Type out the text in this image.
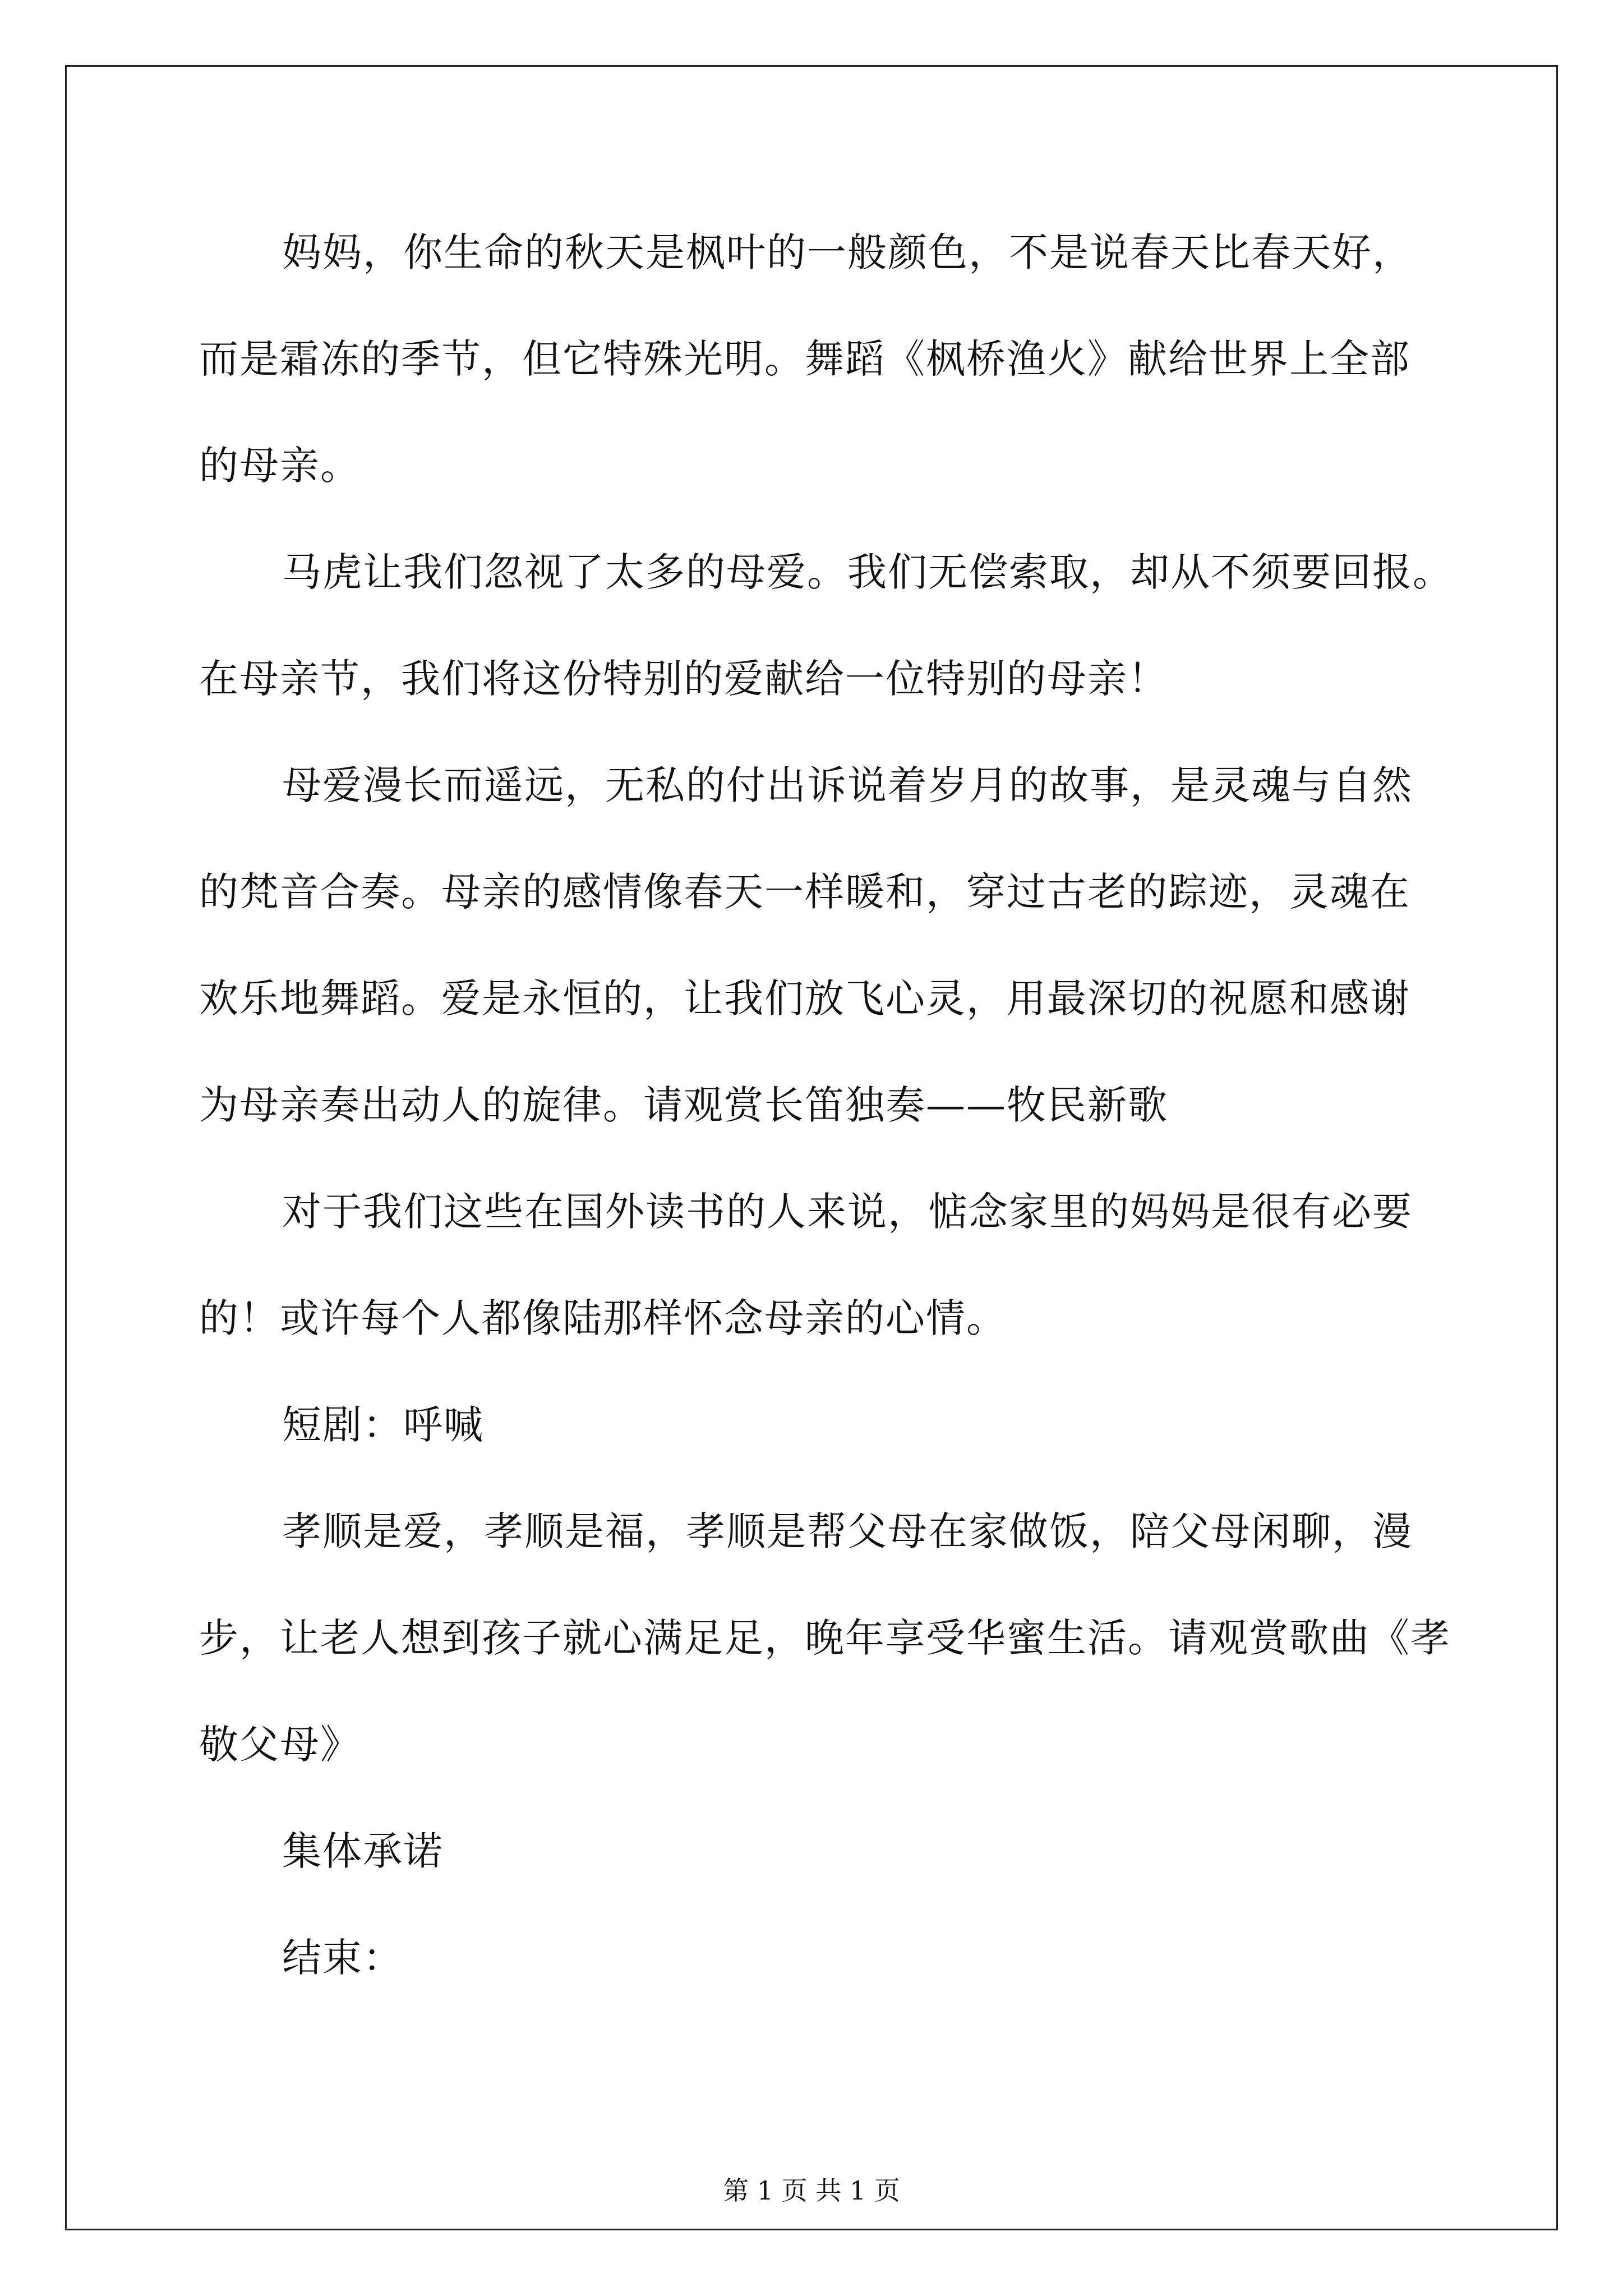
妈妈，你生命的秋天是枫叶的一般颜色，不是说春天比春天好，
而是霜冻的季节，但它特殊光明。舞蹈《枫桥渔火》献给世界上全部
的母亲。
马虎让我们忽视了太多的母爱。我们无偿索取，却从不须要回报。
在母亲节，我们将这份特别的爱献给一位特别的母亲！
母爱漫长而遥远，无私的付出诉说着岁月的故事，是灵魂与自然
的梵音合奏。母亲的感情像春天一样暖和，穿过古老的踪迹，灵魂在
欢乐地舞蹈。爱是永恒的，让我们放飞心灵，用最深切的祝愿和感谢
为母亲奏出动人的旋律。请观赏长笛独奏——牧民新歌
对于我们这些在国外读书的人来说，惦念家里的妈妈是很有必要
的！或许每个人都像陆那样怀念母亲的心情。
短剧：呼喊
孝顺是爱，孝顺是福，孝顺是帮父母在家做饭，陪父母闲聊，漫
步，让老人想到孩子就心满足足，晚年享受华蜜生活。请观赏歌曲《孝
敬父母》
集体承诺
结束：
第 1 页 共 1 页
